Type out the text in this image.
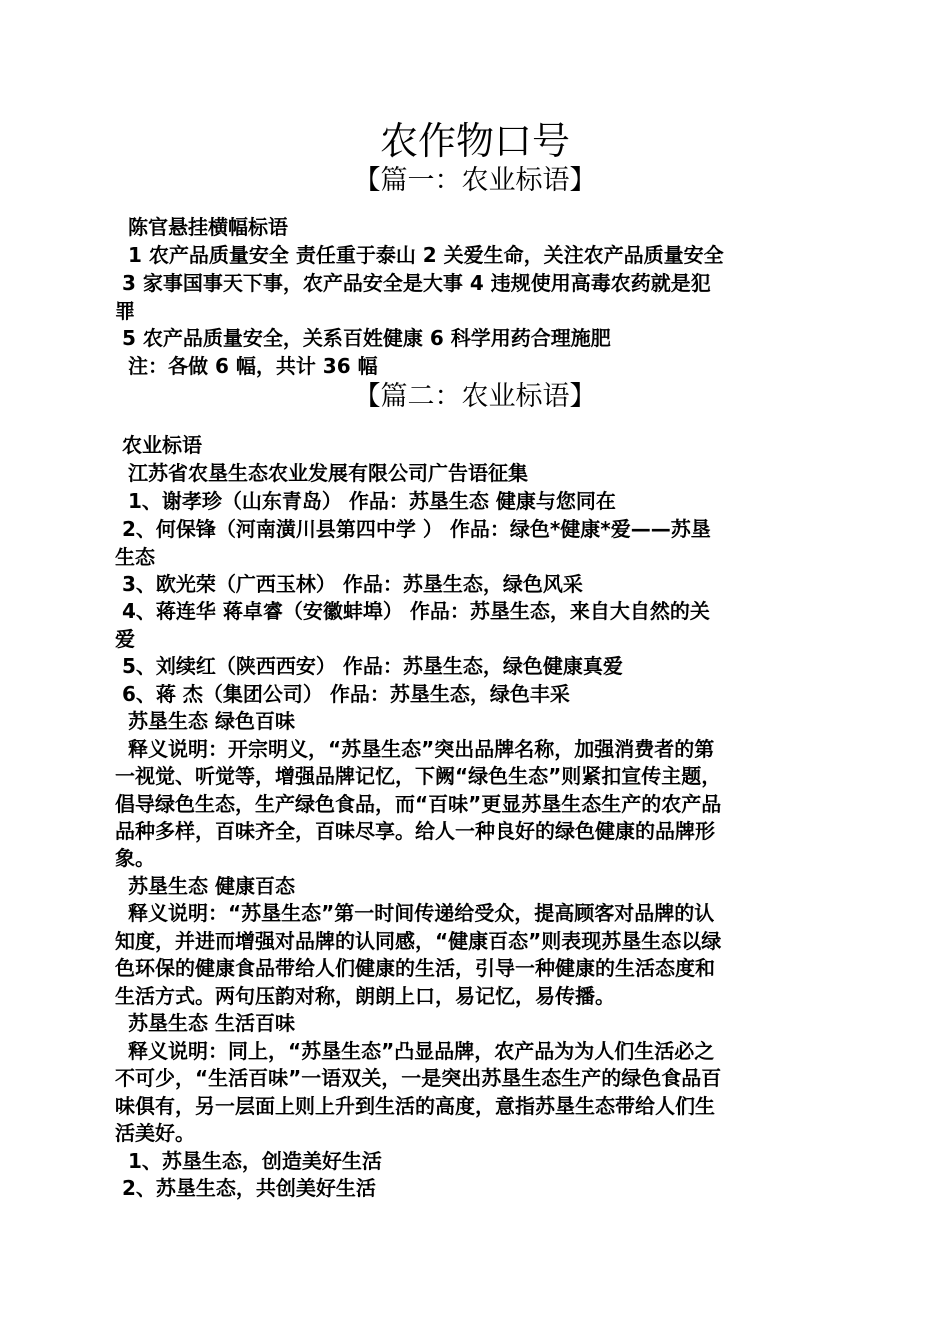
农作物口号
【篇一：农业标语】

陈官悬挂横幅标语

1 农产品质量安全 责任重于泰山 2 关爱生命，关注农产品质量安全

3 家事国事天下事，农产品安全是大事 4 违规使用高毒农药就是犯

罪

5 农产品质量安全，关系百姓健康 6 科学用药合理施肥

注：各做 6 幅，共计 36 幅

【篇二：农业标语】

农业标语

江苏省农垦生态农业发展有限公司广告语征集

1、谢孝珍（山东青岛） 作品：苏垦生态 健康与您同在

2、何保锋（河南潢川县第四中学 ） 作品：绿色*健康*爱——苏垦

生态

3、欧光荣（广西玉林） 作品：苏垦生态，绿色风采

4、蒋连华 蒋卓睿（安徽蚌埠） 作品：苏垦生态，来自大自然的关

爱

5、刘续红（陕西西安） 作品：苏垦生态，绿色健康真爱

6、蒋 杰（集团公司） 作品：苏垦生态，绿色丰采

苏垦生态 绿色百味

释义说明：开宗明义，“苏垦生态”突出品牌名称，加强消费者的第

一视觉、听觉等，增强品牌记忆，下阙“绿色生态”则紧扣宣传主题，

倡导绿色生态，生产绿色食品，而“百味”更显苏垦生态生产的农产品

品种多样，百味齐全，百味尽享。给人一种良好的绿色健康的品牌形

象。

苏垦生态 健康百态

释义说明：“苏垦生态”第一时间传递给受众，提高顾客对品牌的认

知度，并进而增强对品牌的认同感，“健康百态”则表现苏垦生态以绿

色环保的健康食品带给人们健康的生活，引导一种健康的生活态度和

生活方式。两句压韵对称，朗朗上口，易记忆，易传播。

苏垦生态 生活百味

释义说明：同上，“苏垦生态”凸显品牌，农产品为为人们生活必之

不可少，“生活百味”一语双关，一是突出苏垦生态生产的绿色食品百

味俱有，另一层面上则上升到生活的高度，意指苏垦生态带给人们生

活美好。

1、苏垦生态，创造美好生活

2、苏垦生态，共创美好生活
